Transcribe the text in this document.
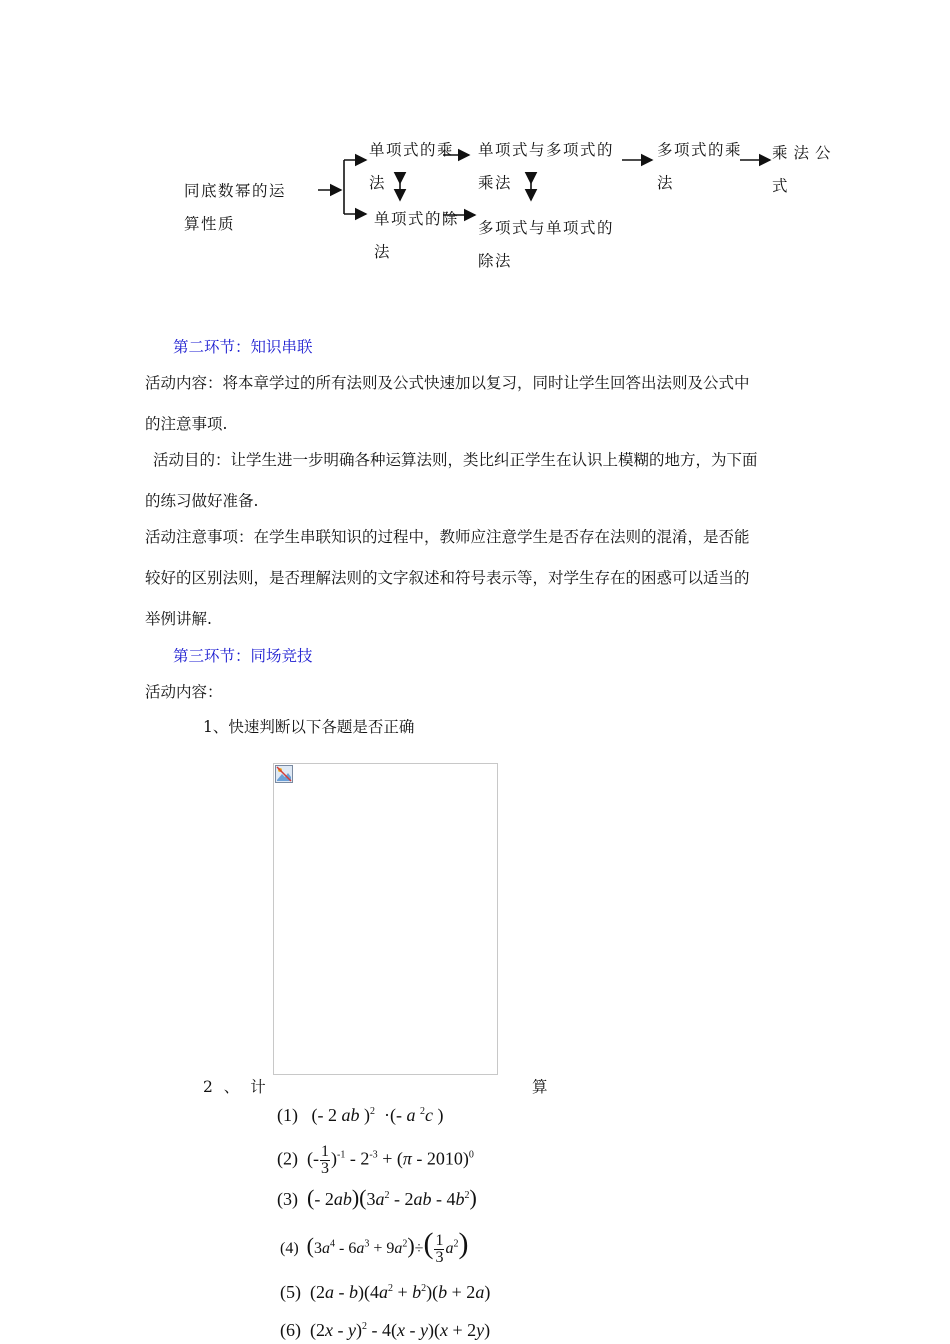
同底数幂的运
算性质
单项式的乘
法
单项式的除
法
单项式与多项式的
乘法
多项式与单项式的
除法
多项式的乘
法
乘法公
式
第二环节：知识串联
活动内容：将本章学过的所有法则及公式快速加以复习，同时让学生回答出法则及公式中
的注意事项.
活动目的：让学生进一步明确各种运算法则，类比纠正学生在认识上模糊的地方，为下面
的练习做好准备.
活动注意事项：在学生串联知识的过程中，教师应注意学生是否存在法则的混淆，是否能
较好的区别法则，是否理解法则的文字叙述和符号表示等，对学生存在的困惑可以适当的
举例讲解.
第三环节：同场竞技
活动内容：
1、快速判断以下各题是否正确
2 、 计	算
(1)   (- 2 ab )$^2$  ·(- a $^2$c )
(2)  (- $\frac{1}{3} )^{-1} - 2^{-3} + (\pi - 2010)^0$
(3) (- $2ab)(3a^2 - 2ab - 4b^2)$
(4) $(3a^4 - 6a^3 + 9a^2)\div( \frac{1}{3} a^2)$
(5)  $(2a - b)(4a^2 + b^2)(b + 2a)$
(6)  (2x - y)$^2$ - 4(x - y)(x + 2y)
